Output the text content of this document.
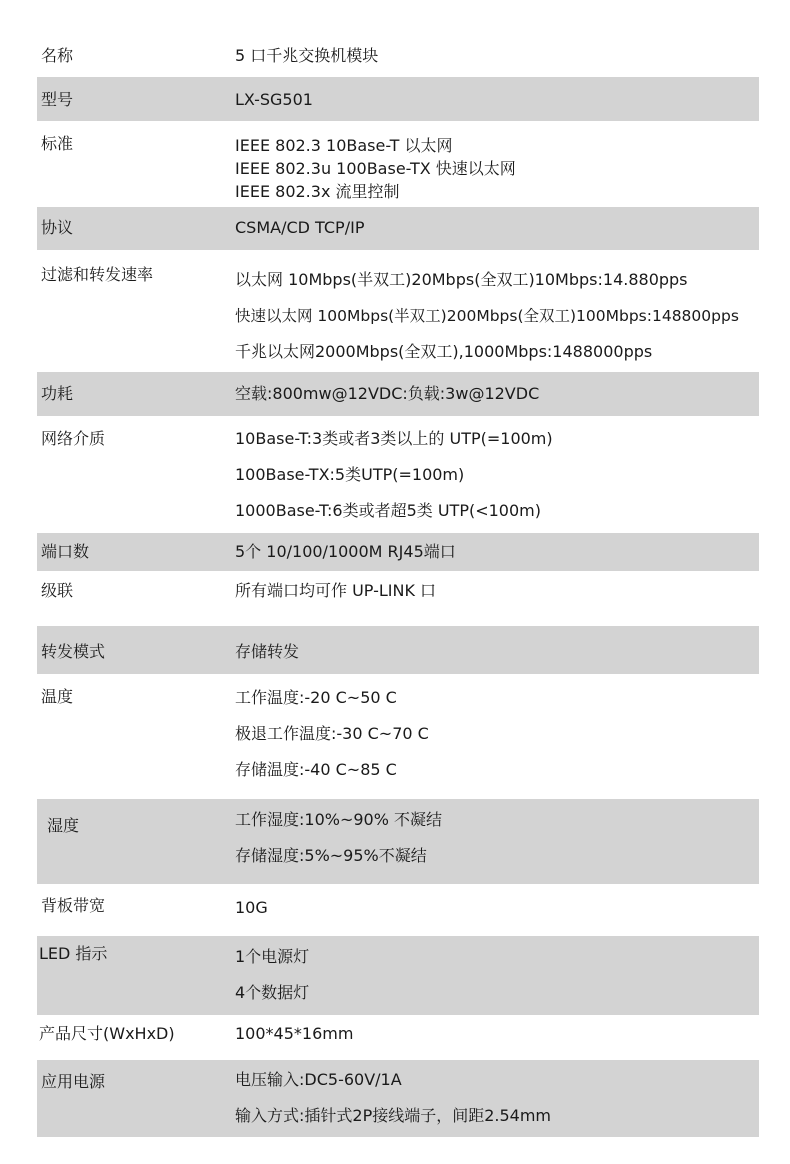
名称	5 口千兆交换机模块
型号	LX-SG501
标准	IEEE 802.3 10Base-T 以太网
IEEE 802.3u 100Base-TX 快速以太网
IEEE 802.3x 流里控制
协议	CSMA/CD TCP/IP
过滤和转发速率	以太网 10Mbps(半双工)20Mbps(全双工)10Mbps:14.880pps
快速以太网 100Mbps(半双工)200Mbps(全双工)100Mbps:148800pps
千兆以太网2000Mbps(全双工),1000Mbps:1488000pps
功耗	空载:800mw@12VDC:负载:3w@12VDC
网络介质	10Base-T:3类或者3类以上的 UTP(=100m)
100Base-TX:5类UTP(=100m)
1000Base-T:6类或者超5类 UTP(<100m)
端口数	5个 10/100/1000M RJ45端口
级联	所有端口均可作 UP-LINK 口
转发模式	存储转发
温度	工作温度:-20 C~50 C
极退工作温度:-30 C~70 C
存储温度:-40 C~85 C
湿度	工作湿度:10%~90% 不凝结
存储湿度:5%~95%不凝结
背板带宽	10G
LED 指示	1个电源灯
4个数据灯
产品尺寸(WxHxD)	100*45*16mm
应用电源	电压输入:DC5-60V/1A
输入方式:插针式2P接线端子，间距2.54mm
